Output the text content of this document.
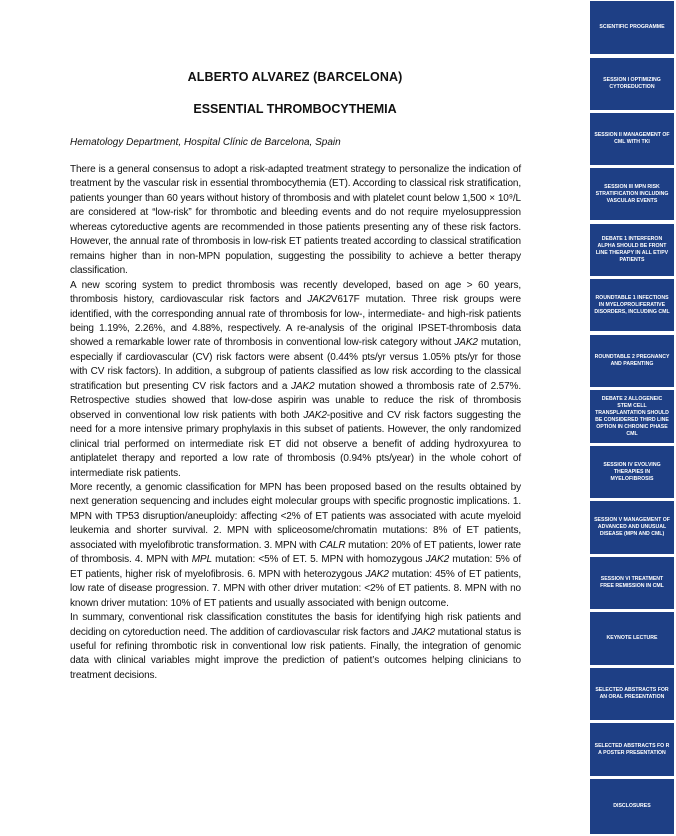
ALBERTO ALVAREZ (BARCELONA)
ESSENTIAL THROMBOCYTHEMIA
Hematology Department, Hospital Clínic de Barcelona, Spain

There is a general consensus to adopt a risk-adapted treatment strategy to personalize the indication of treatment by the vascular risk in essential thrombocythemia (ET). According to classical risk stratification, patients younger than 60 years without history of thrombosis and with platelet count below 1,500 × 10⁹/L are considered at “low-risk” for thrombotic and bleeding events and do not require myelosuppression whereas cytoreductive agents are recommended in those patients presenting any of these risk factors. However, the annual rate of thrombosis in low-risk ET patients treated according to classical stratification remains higher than in non-MPN population, suggesting the possibility to achieve a better therapy classification.

A new scoring system to predict thrombosis was recently developed, based on age > 60 years, thrombosis history, cardiovascular risk factors and JAK2V617F mutation. Three risk groups were identified, with the corresponding annual rate of thrombosis for low-, intermediate- and high-risk patients being 1.19%, 2.26%, and 4.88%, respectively. A re-analysis of the original IPSET-thrombosis data showed a remarkable lower rate of thrombosis in conventional low-risk category without JAK2 mutation, especially if cardiovascular (CV) risk factors were absent (0.44% pts/yr versus 1.05% pts/yr for those with CV risk factors). In addition, a subgroup of patients classified as low risk according to the classical stratification but presenting CV risk factors and a JAK2 mutation showed a thrombosis rate of 2.57%. Retrospective studies showed that low-dose aspirin was unable to reduce the risk of thrombosis observed in conventional low risk patients with both JAK2-positive and CV risk factors suggesting the need for a more intensive primary prophylaxis in this subset of patients. However, the only randomized clinical trial performed on intermediate risk ET did not observe a benefit of adding hydroxyurea to antiplatelet therapy and reported a low rate of thrombosis (0.94% pts/year) in the whole cohort of intermediate risk patients.

More recently, a genomic classification for MPN has been proposed based on the results obtained by next generation sequencing and includes eight molecular groups with specific prognostic implications. 1. MPN with TP53 disruption/aneuploidy: affecting <2% of ET patients was associated with acute myeloid leukemia and shorter survival. 2. MPN with spliceosome/chromatin mutations: 8% of ET patients, associated with myelofibrotic transformation. 3. MPN with CALR mutation: 20% of ET patients, lower rate of thrombosis. 4. MPN with MPL mutation: <5% of ET. 5. MPN with homozygous JAK2 mutation: 5% of ET patients, higher risk of myelofibrosis. 6. MPN with heterozygous JAK2 mutation: 45% of ET patients, low rate of disease progression. 7. MPN with other driver mutation: <2% of ET patients. 8. MPN with no known driver mutation: 10% of ET patients and usually associated with benign outcome.

In summary, conventional risk classification constitutes the basis for identifying high risk patients and deciding on cytoreduction need. The addition of cardiovascular risk factors and JAK2 mutational status is useful for refining thrombotic risk in conventional low risk patients. Finally, the integration of genomic data with clinical variables might improve the prediction of patient’s outcomes helping clinicians to treatment decisions.

SCIENTIFIC PROGRAMME
SESSION I OPTIMIZING CYTOREDUCTION
SESSION II MANAGEMENT OF CML WITH TKI
SESSION III MPN RISK STRATIFICATION INCLUDING VASCULAR EVENTS
DEBATE 1 INTERFERON ALPHA SHOULD BE FRONT LINE THERAPY IN ALL ET/PV PATIENTS
ROUNDTABLE 1 INFECTIONS IN MYELOPROLIFERATIVE DISORDERS, INCLUDING CML
ROUNDTABLE 2 PREGNANCY AND PARENTING
DEBATE 2 ALLOGENEIC STEM CELL TRANSPLANTATION SHOULD BE CONSIDERED THIRD LINE OPTION IN CHRONIC PHASE CML
SESSION IV EVOLVING THERAPIES IN MYELOFIBROSIS
SESSION V MANAGEMENT OF ADVANCED AND UNUSUAL DISEASE (MPN AND CML)
SESSION VI TREATMENT FREE REMISSION IN CML
KEYNOTE LECTURE
SELECTED ABSTRACTS FOR AN ORAL PRESENTATION
SELECTED ABSTRACTS FO R A POSTER PRESENTATION
DISCLOSURES
